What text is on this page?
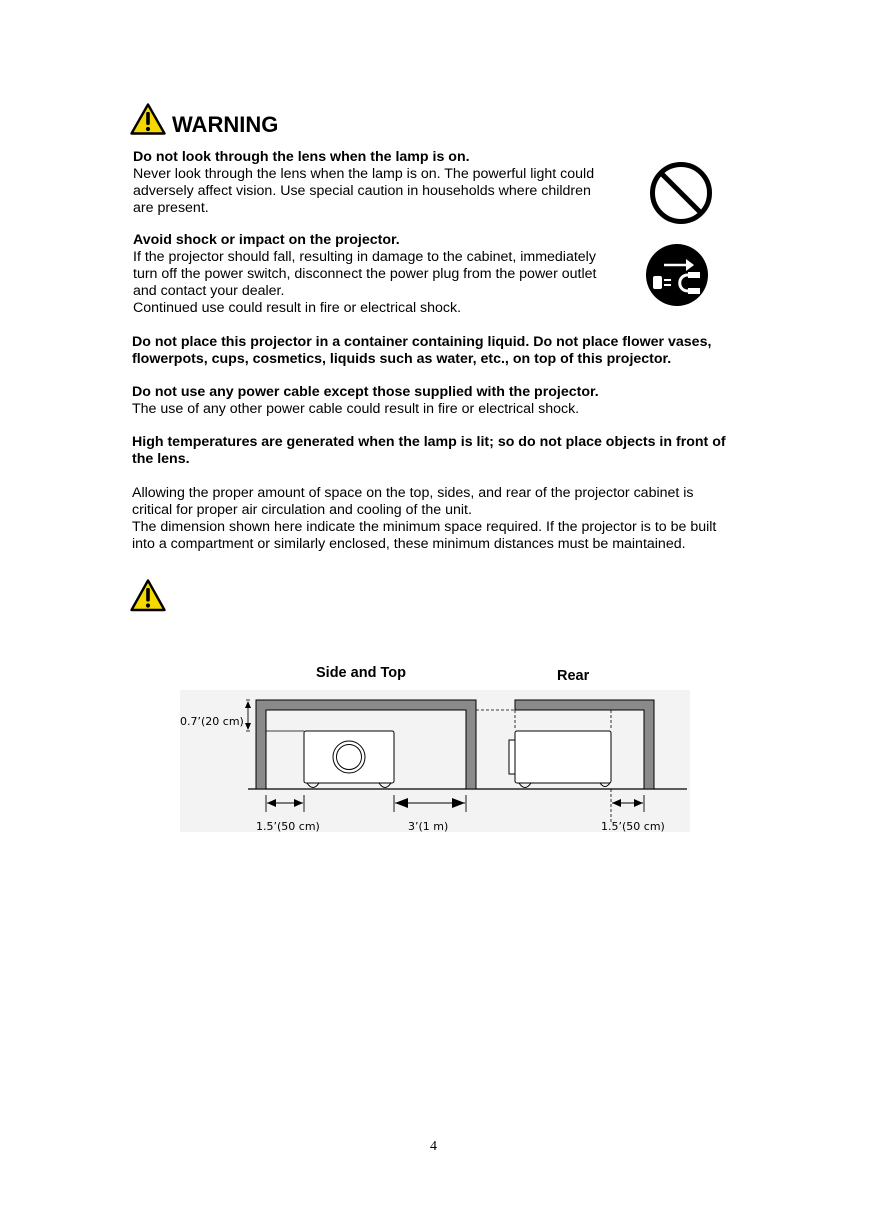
WARNING
Do not look through the lens when the lamp is on.
Never look through the lens when the lamp is on. The powerful light could
adversely affect vision. Use special caution in households where children
are present.
Avoid shock or impact on the projector.
If the projector should fall, resulting in damage to the cabinet, immediately
turn off the power switch, disconnect the power plug from the power outlet
and contact your dealer.
Continued use could result in fire or electrical shock.
Do not place this projector in a container containing liquid. Do not place flower vases,
flowerpots, cups, cosmetics, liquids such as water, etc., on top of this projector.
Do not use any power cable except those supplied with the projector.
The use of any other power cable could result in fire or electrical shock.
High temperatures are generated when the lamp is lit; so do not place objects in front of
the lens.
Allowing the proper amount of space on the top, sides, and rear of the projector cabinet is
critical for proper air circulation and cooling of the unit.
The dimension shown here indicate the minimum space required. If the projector is to be built
into a compartment or similarly enclosed, these minimum distances must be maintained.
Side and Top	Rear
0.7’(20 cm)
1.5’(50 cm)	3’(1 m)	1.5’(50 cm)
4
